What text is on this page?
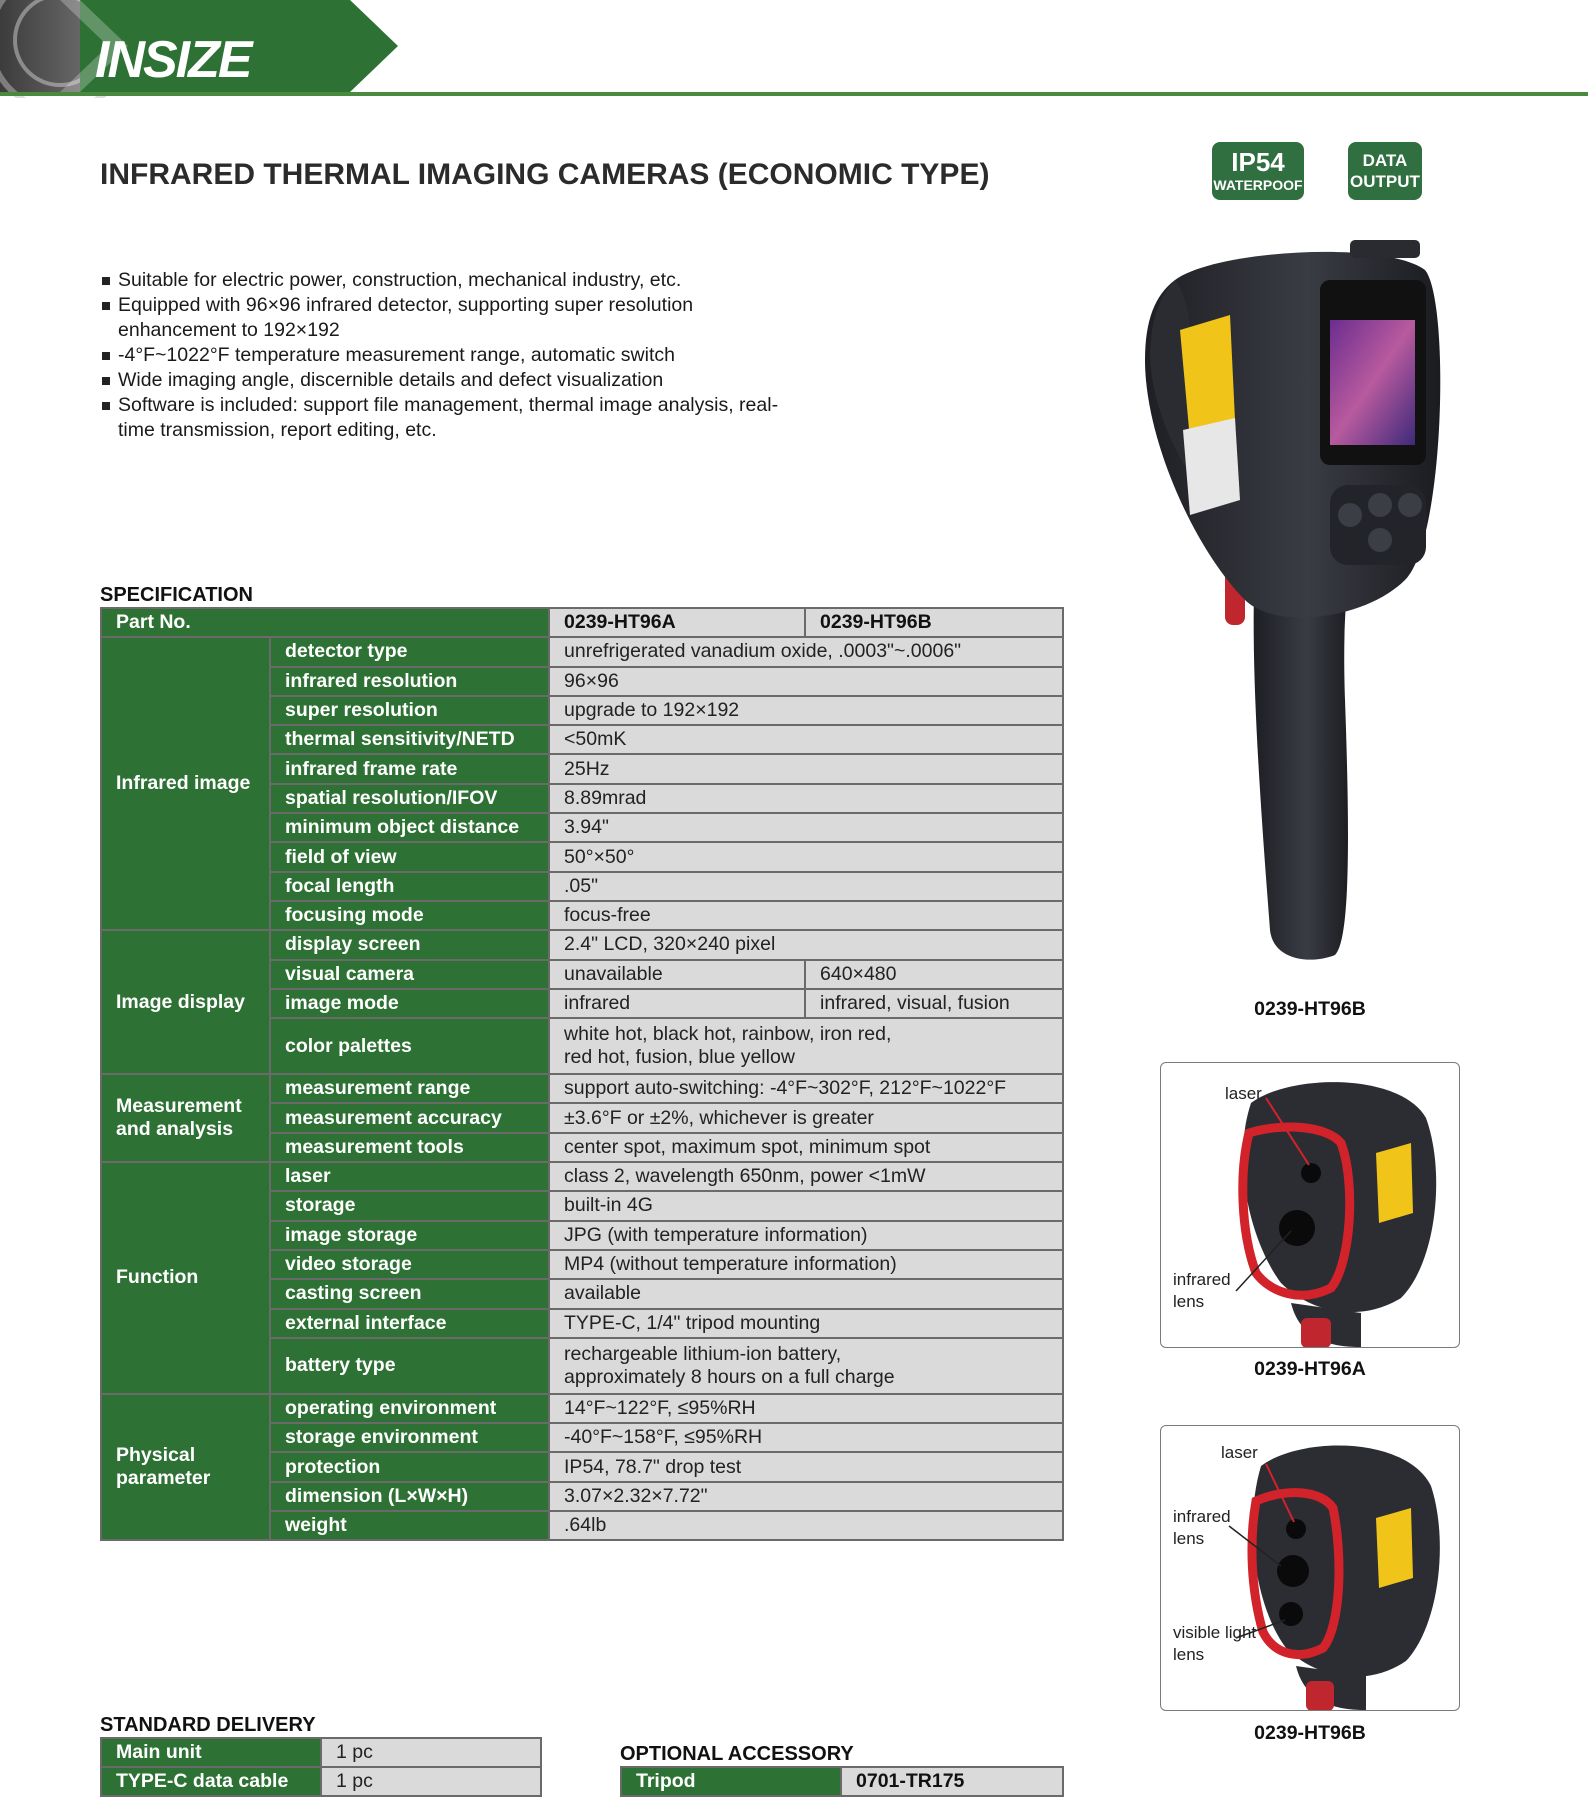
INSIZE
INFRARED THERMAL IMAGING CAMERAS (ECONOMIC TYPE)	IP54
WATERPOOF
DATA
OUTPUT
Suitable for electric power, construction, mechanical industry, etc.
Equipped with 96×96 infrared detector, supporting super resolution enhancement to 192×192
-4°F~1022°F temperature measurement range, automatic switch
Wide imaging angle, discernible details and defect visualization
Software is included: support file management, thermal image analysis, real-time transmission, report editing, etc.
SPECIFICATION
Part No.		0239-HT96A	0239-HT96B
Infrared image	detector type	unrefrigerated vanadium oxide, .0003"~.0006"	
	infrared resolution	96×96	
	super resolution	upgrade to 192×192	
	thermal sensitivity/NETD	<50mK	
	infrared frame rate	25Hz	
	spatial resolution/IFOV	8.89mrad	
	minimum object distance	3.94"	
	field of view	50°×50°	
	focal length	.05"	
	focusing mode	focus-free	
Image display	display screen	2.4" LCD, 320×240 pixel	
	visual camera	unavailable	640×480
	image mode	infrared	infrared, visual, fusion
	color palettes	white hot, black hot, rainbow, iron red,
red hot, fusion, blue yellow	

Measurement and analysis	measurement range	support auto-switching: -4°F~302°F, 212°F~1022°F	
	measurement accuracy	±3.6°F or ±2%, whichever is greater	
	measurement tools	center spot, maximum spot, minimum spot	
Function	laser	class 2, wavelength 650nm, power <1mW	
	storage	built-in 4G	
	image storage	JPG (with temperature information)	
	video storage	MP4 (without temperature information)	
	casting screen	available	
	external interface	TYPE-C, 1/4" tripod mounting	
	battery type	rechargeable lithium-ion battery,
approximately 8 hours on a full charge	

Physical parameter	operating environment	14°F~122°F, ≤95%RH	
	storage environment	-40°F~158°F, ≤95%RH	
	protection	IP54, 78.7" drop test	
	dimension (L×W×H)	3.07×2.32×7.72"	
	weight	.64lb	
STANDARD DELIVERY
Main unit	1 pc
TYPE-C data cable	1 pc
OPTIONAL ACCESSORY
Tripod	0701-TR175
0239-HT96B
laser
infrared
lens
0239-HT96A
laser
infrared
lens
visible light
lens
0239-HT96B
